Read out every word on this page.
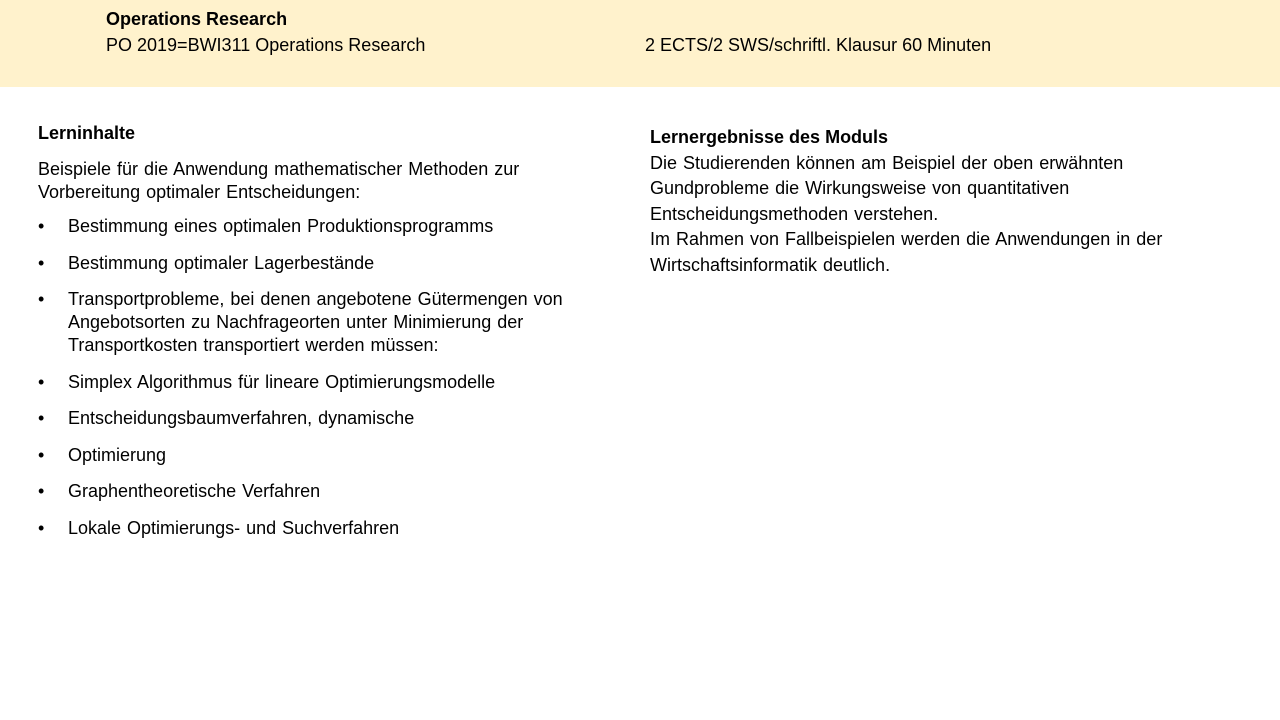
Operations Research
PO 2019=BWI311 Operations Research	2 ECTS/2 SWS/schriftl. Klausur 60 Minuten
Lerninhalte

Beispiele für die Anwendung mathematischer Methoden zur Vorbereitung optimaler Entscheidungen:

• Bestimmung eines optimalen Produktionsprogramms
• Bestimmung optimaler Lagerbestände
• Transportprobleme, bei denen angebotene Gütermengen von Angebotsorten zu Nachfrageorten unter Minimierung der Transportkosten transportiert werden müssen:
• Simplex Algorithmus für lineare Optimierungsmodelle
• Entscheidungsbaumverfahren, dynamische
• Optimierung
• Graphentheoretische Verfahren
• Lokale Optimierungs- und Suchverfahren
Lernergebnisse des Moduls

Die Studierenden können am Beispiel der oben erwähnten Gundprobleme die Wirkungsweise von quantitativen Entscheidungsmethoden verstehen.

Im Rahmen von Fallbeispielen werden die Anwendungen in der Wirtschaftsinformatik deutlich.
